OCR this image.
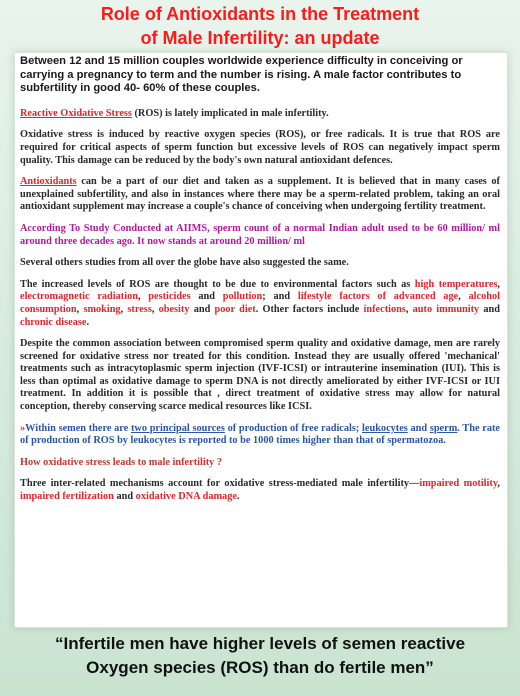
Role of Antioxidants in the Treatment
of Male Infertility: an update
Between 12 and 15 million couples worldwide experience difficulty in conceiving or carrying a pregnancy to term and the number is rising. A male factor contributes to subfertility in good 40- 60% of these couples.

Reactive Oxidative Stress (ROS) is lately implicated in male infertility.

Oxidative stress is induced by reactive oxygen species (ROS), or free radicals. It is true that ROS are required for critical aspects of sperm function but excessive levels of ROS can negatively impact sperm quality. This damage can be reduced by the body's own natural antioxidant defences.

Antioxidants can be a part of our diet and taken as a supplement. It is believed that in many cases of unexplained subfertility, and also in instances where there may be a sperm-related problem, taking an oral antioxidant supplement may increase a couple's chance of conceiving when undergoing fertility treatment.

According To Study Conducted at AIIMS, sperm count of a normal Indian adult used to be 60 million/ ml around three decades ago. It now stands at around 20 million/ ml

Several others studies from all over the globe have also suggested the same.

The increased levels of ROS are thought to be due to environmental factors such as high temperatures, electromagnetic radiation, pesticides and pollution; and lifestyle factors of advanced age, alcohol consumption, smoking, stress, obesity and poor diet. Other factors include infections, auto immunity and chronic disease.

Despite the common association between compromised sperm quality and oxidative damage, men are rarely screened for oxidative stress nor treated for this condition. Instead they are usually offered 'mechanical' treatments such as intracytoplasmic sperm injection (IVF-ICSI) or intrauterine insemination (IUI). This is less than optimal as oxidative damage to sperm DNA is not directly ameliorated by either IVF-ICSI or IUI treatment. In addition it is possible that , direct treatment of oxidative stress may allow for natural conception, thereby conserving scarce medical resources like ICSI.

»Within semen there are two principal sources of production of free radicals; leukocytes and sperm. The rate of production of ROS by leukocytes is reported to be 1000 times higher than that of spermatozoa.

How oxidative stress leads to male infertility ?

Three inter-related mechanisms account for oxidative stress-mediated male infertility—impaired motility, impaired fertilization and oxidative DNA damage.

“Infertile men have higher levels of semen reactive
Oxygen species (ROS) than do fertile men”
